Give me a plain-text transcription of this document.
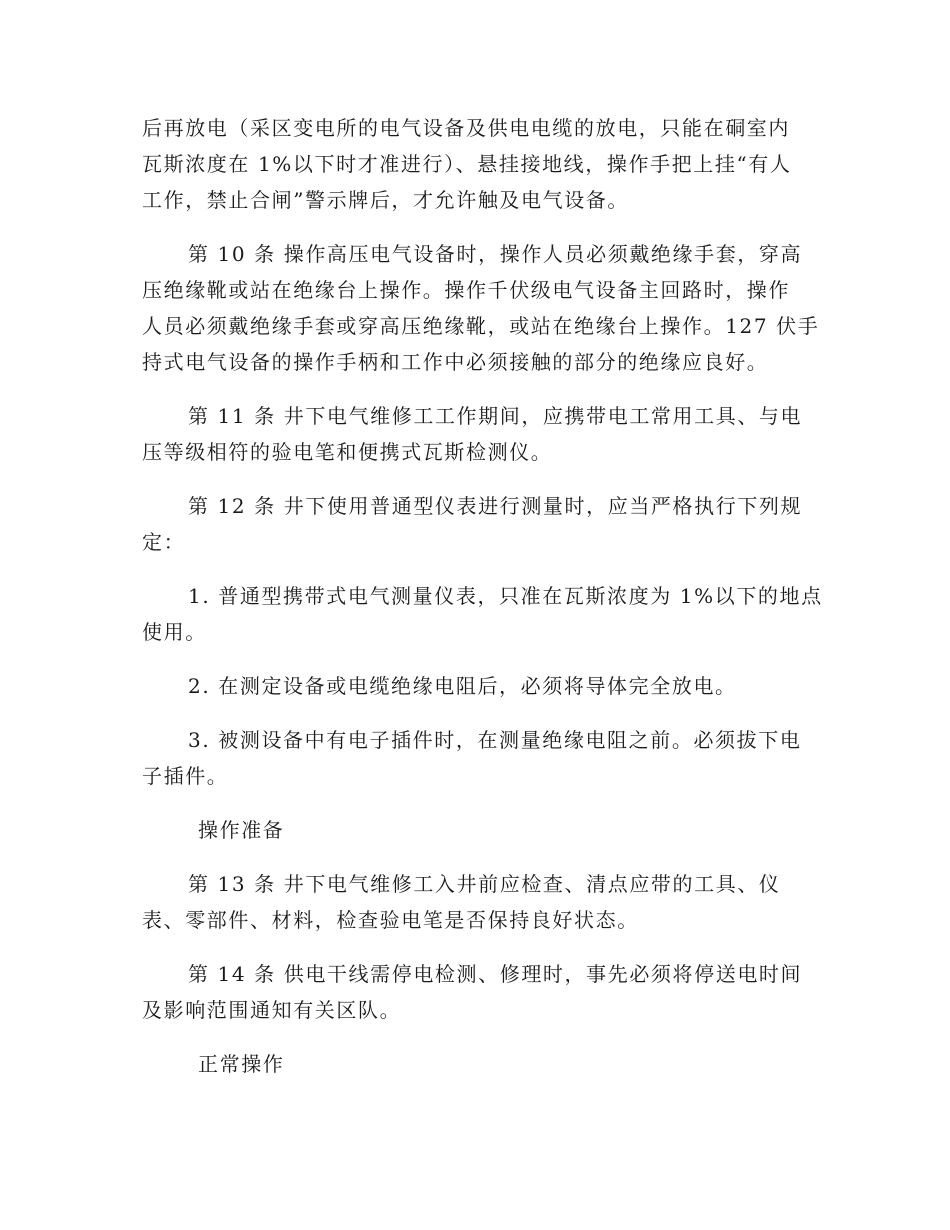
后再放电（采区变电所的电气设备及供电电缆的放电，只能在硐室内
瓦斯浓度在 1%以下时才准进行）、悬挂接地线，操作手把上挂“有人
工作，禁止合闸”警示牌后，才允许触及电气设备。
第 10 条 操作高压电气设备时，操作人员必须戴绝缘手套，穿高
压绝缘靴或站在绝缘台上操作。操作千伏级电气设备主回路时，操作
人员必须戴绝缘手套或穿高压绝缘靴，或站在绝缘台上操作。127 伏手
持式电气设备的操作手柄和工作中必须接触的部分的绝缘应良好。
第 11 条 井下电气维修工工作期间，应携带电工常用工具、与电
压等级相符的验电笔和便携式瓦斯检测仪。
第 12 条 井下使用普通型仪表进行测量时，应当严格执行下列规
定：
1. 普通型携带式电气测量仪表，只准在瓦斯浓度为 1%以下的地点
使用。
2. 在测定设备或电缆绝缘电阻后，必须将导体完全放电。
3. 被测设备中有电子插件时，在测量绝缘电阻之前。必须拔下电
子插件。
操作准备
第 13 条 井下电气维修工入井前应检查、清点应带的工具、仪
表、零部件、材料，检查验电笔是否保持良好状态。
第 14 条 供电干线需停电检测、修理时，事先必须将停送电时间
及影响范围通知有关区队。
正常操作
